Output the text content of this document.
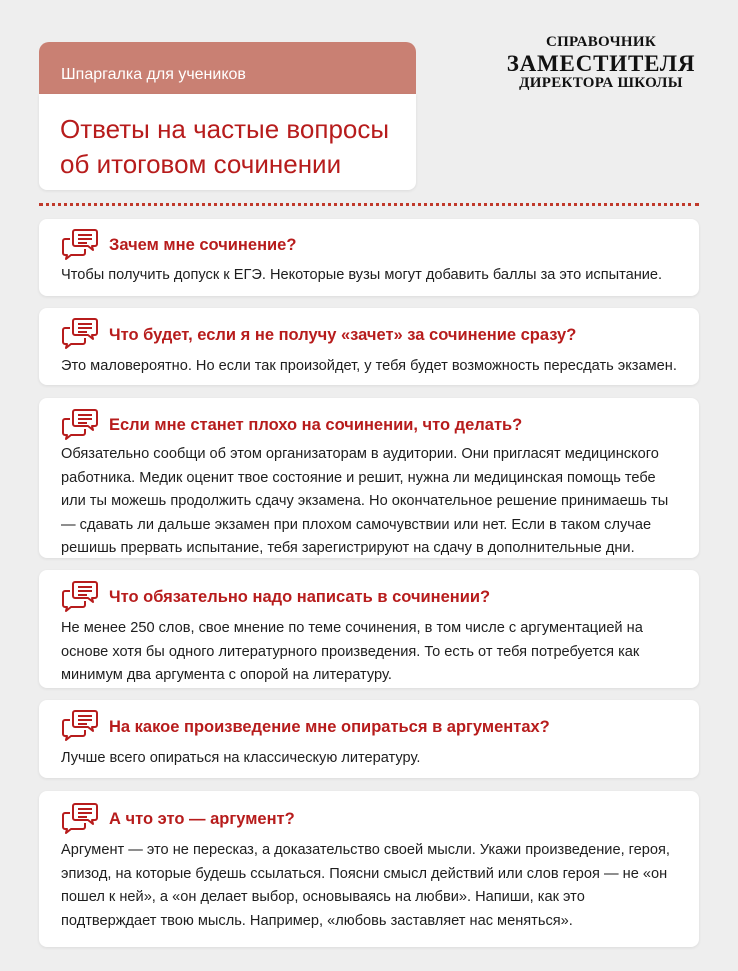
Шпаргалка для учеников
Ответы на частые вопросы об итоговом сочинении
СПРАВОЧНИК
ЗАМЕСТИТЕЛЯ
ДИРЕКТОРА ШКОЛЫ
Зачем мне сочинение?
Чтобы получить допуск к ЕГЭ. Некоторые вузы могут добавить баллы за это испытание.
Что будет, если я не получу «зачет» за сочинение сразу?
Это маловероятно. Но если так произойдет, у тебя будет возможность пересдать экзамен.
Если мне станет плохо на сочинении, что делать?
Обязательно сообщи об этом организаторам в аудитории. Они пригласят медицинского работника. Медик оценит твое состояние и решит, нужна ли медицинская помощь тебе или ты можешь продолжить сдачу экзамена. Но окончательное решение принимаешь ты — сдавать ли дальше экзамен при плохом самочувствии или нет. Если в таком случае решишь прервать испытание, тебя зарегистрируют на сдачу в дополнительные дни.
Что обязательно надо написать в сочинении?
Не менее 250 слов, свое мнение по теме сочинения, в том числе с аргументацией на основе хотя бы одного литературного произведения. То есть от тебя потребуется как минимум два аргумента с опорой на литературу.
На какое произведение мне опираться в аргументах?
Лучше всего опираться на классическую литературу.
А что это — аргумент?
Аргумент — это не пересказ, а доказательство своей мысли. Укажи произведение, героя, эпизод, на которые будешь ссылаться. Поясни смысл действий или слов героя — не «он пошел к ней», а «он делает выбор, основываясь на любви». Напиши, как это подтверждает твою мысль. Например, «любовь заставляет нас меняться».
